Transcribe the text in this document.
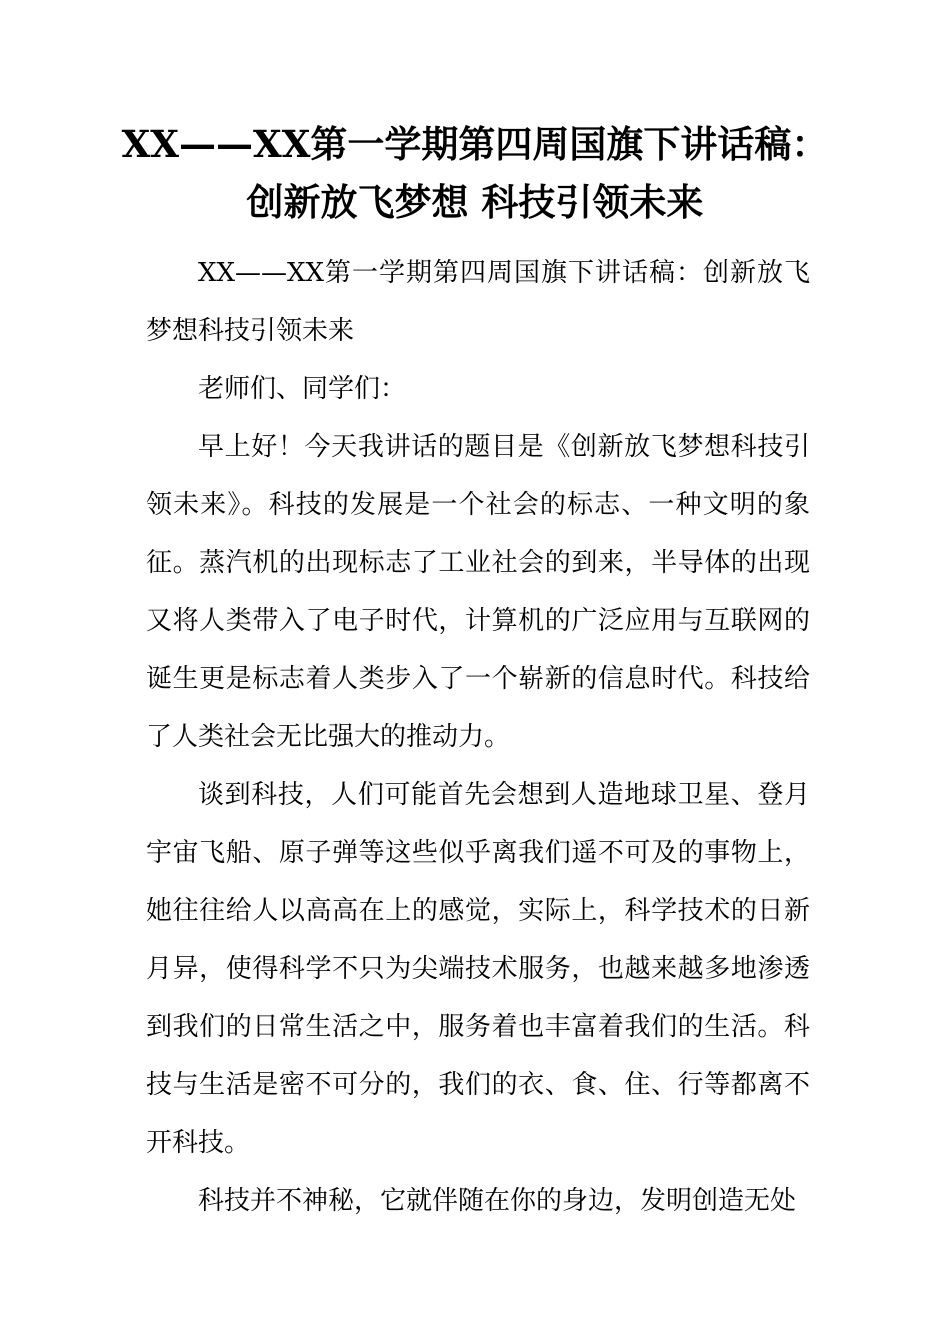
XX——XX第一学期第四周国旗下讲话稿：
创新放飞梦想 科技引领未来

XX——XX第一学期第四周国旗下讲话稿：创新放飞梦想科技引领未来

老师们、同学们：

早上好！今天我讲话的题目是《创新放飞梦想科技引领未来》。科技的发展是一个社会的标志、一种文明的象征。蒸汽机的出现标志了工业社会的到来，半导体的出现又将人类带入了电子时代，计算机的广泛应用与互联网的诞生更是标志着人类步入了一个崭新的信息时代。科技给了人类社会无比强大的推动力。

谈到科技，人们可能首先会想到人造地球卫星、登月宇宙飞船、原子弹等这些似乎离我们遥不可及的事物上，她往往给人以高高在上的感觉，实际上，科学技术的日新月异，使得科学不只为尖端技术服务，也越来越多地渗透到我们的日常生活之中，服务着也丰富着我们的生活。科技与生活是密不可分的，我们的衣、食、住、行等都离不开科技。

科技并不神秘，它就伴随在你的身边，发明创造无处
